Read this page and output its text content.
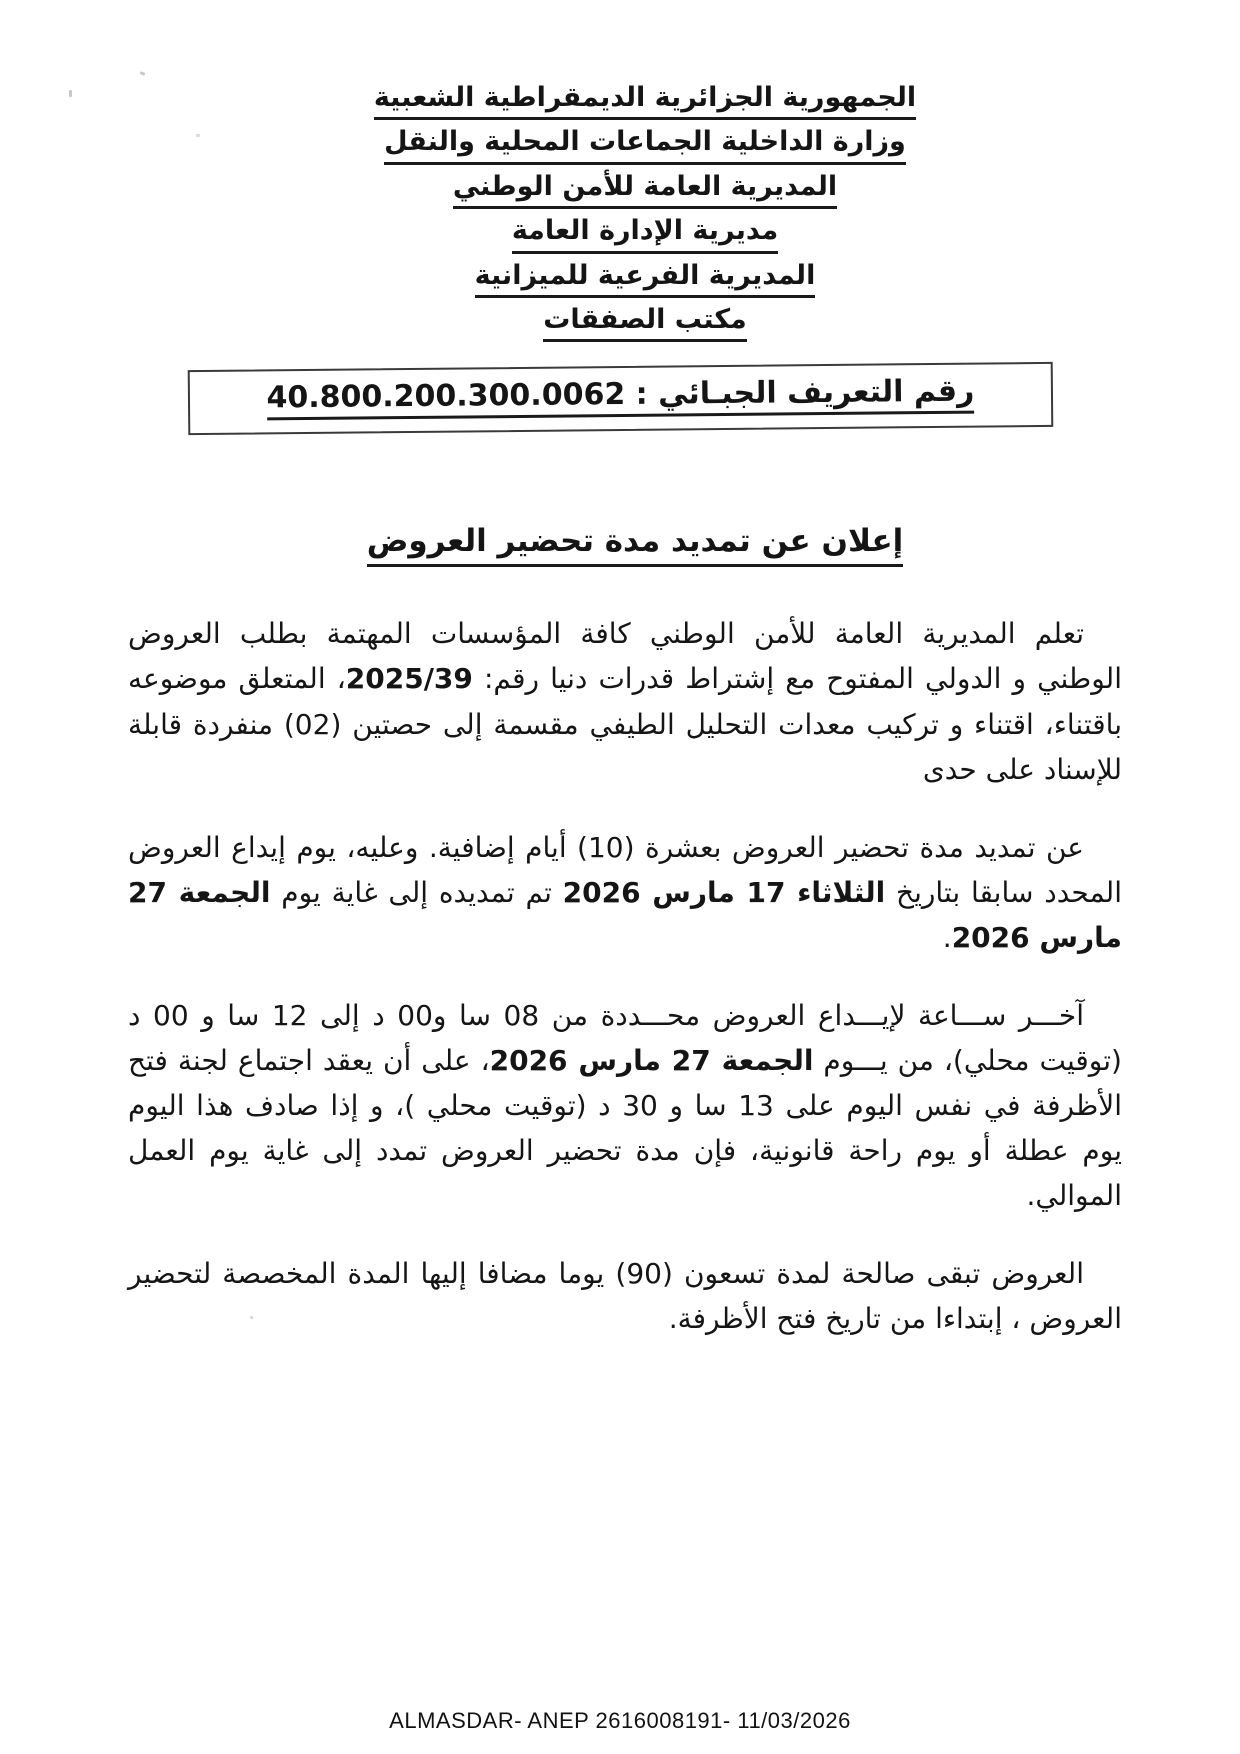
الجمهورية الجزائرية الديمقراطية الشعبية
وزارة الداخلية الجماعات المحلية والنقل
المديرية العامة للأمن الوطني
مديرية الإدارة العامة
المديرية الفرعية للميزانية
مكتب الصفقات
رقم التعريف الجبـائي : 40.800.200.300.0062
إعلان عن تمديد مدة تحضير العروض

تعلم المديرية العامة للأمن الوطني كافة المؤسسات المهتمة بطلب العروض الوطني و الدولي المفتوح مع إشتراط قدرات دنيا رقم: 2025/39، المتعلق موضوعه باقتناء، اقتناء و تركيب معدات التحليل الطيفي مقسمة إلى حصتين (02) منفردة قابلة للإسناد على حدى

عن تمديد مدة تحضير العروض بعشرة (10) أيام إضافية. وعليه، يوم إيداع العروض المحدد سابقا بتاريخ الثلاثاء 17 مارس 2026 تم تمديده إلى غاية يوم الجمعة 27 مارس 2026.

آخـــر ســـاعة لإيـــداع العروض محـــددة من 08 سا و00 د إلى 12 سا و 00 د (توقيت محلي)، من يـــوم الجمعة 27 مارس 2026، على أن يعقد اجتماع لجنة فتح الأظرفة في نفس اليوم على 13 سا و 30 د (توقيت محلي )، و إذا صادف هذا اليوم يوم عطلة أو يوم راحة قانونية، فإن مدة تحضير العروض تمدد إلى غاية يوم العمل الموالي.

العروض تبقى صالحة لمدة تسعون (90) يوما مضافا إليها المدة المخصصة لتحضير العروض ، إبتداءا من تاريخ فتح الأظرفة.

ALMASDAR- ANEP 2616008191- 11/03/2026
